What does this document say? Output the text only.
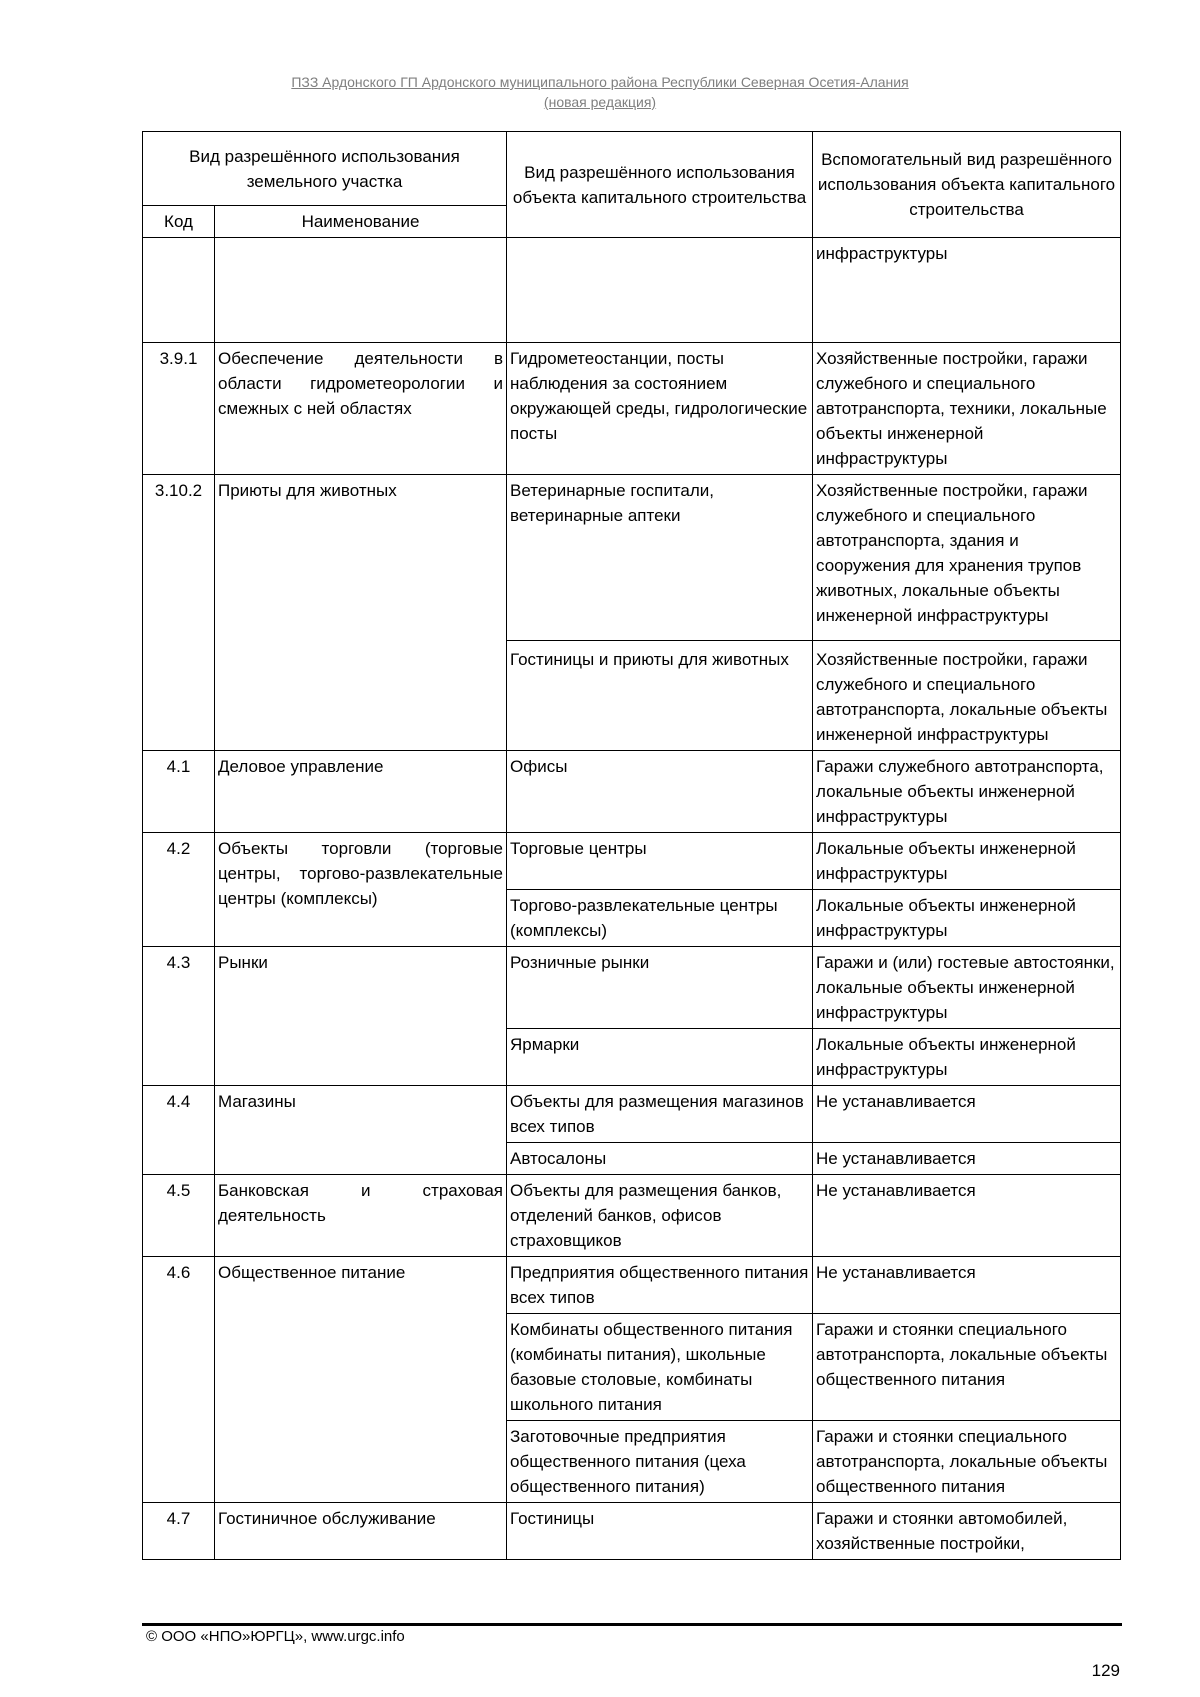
ПЗЗ Ардонского ГП Ардонского муниципального района Республики Северная Осетия-Алания
(новая редакция)
Вид разрешённого использования земельного участка		Вид разрешённого использования объекта капитального строительства	Вспомогательный вид разрешённого использования объекта капитального строительства
Код	Наименование		
			инфраструктуры
3.9.1	Обеспечение деятельности в области гидрометеорологии и смежных с ней областях	Гидрометеостанции, посты наблюдения за состоянием окружающей среды, гидрологические посты	Хозяйственные постройки, гаражи служебного и специального автотранспорта, техники, локальные объекты инженерной инфраструктуры
3.10.2	Приюты для животных	Ветеринарные госпитали, ветеринарные аптеки	Хозяйственные постройки, гаражи служебного и специального автотранспорта, здания и сооружения для хранения трупов животных, локальные объекты инженерной инфраструктуры
		Гостиницы и приюты для животных	Хозяйственные постройки, гаражи служебного и специального автотранспорта, локальные объекты инженерной инфраструктуры
4.1	Деловое управление	Офисы	Гаражи служебного автотранспорта, локальные объекты инженерной инфраструктуры
4.2	Объекты торговли (торговые центры, торгово-развлекательные центры (комплексы)	Торговые центры	Локальные объекты инженерной инфраструктуры
		Торгово-развлекательные центры (комплексы)	Локальные объекты инженерной инфраструктуры
4.3	Рынки	Розничные рынки	Гаражи и (или) гостевые автостоянки, локальные объекты инженерной инфраструктуры
		Ярмарки	Локальные объекты инженерной инфраструктуры
4.4	Магазины	Объекты для размещения магазинов всех типов	Не устанавливается
		Автосалоны	Не устанавливается
4.5	Банковская и страховая деятельность	Объекты для размещения банков, отделений банков, офисов страховщиков	Не устанавливается
4.6	Общественное питание	Предприятия общественного питания всех типов	Не устанавливается
		Комбинаты общественного питания (комбинаты питания), школьные базовые столовые, комбинаты школьного питания	Гаражи и стоянки специального автотранспорта, локальные объекты общественного питания
		Заготовочные предприятия общественного питания (цеха общественного питания)	Гаражи и стоянки специального автотранспорта, локальные объекты общественного питания
4.7	Гостиничное обслуживание	Гостиницы	Гаражи и стоянки автомобилей, хозяйственные постройки,
© ООО «НПО»ЮРГЦ», www.urgc.info
129
